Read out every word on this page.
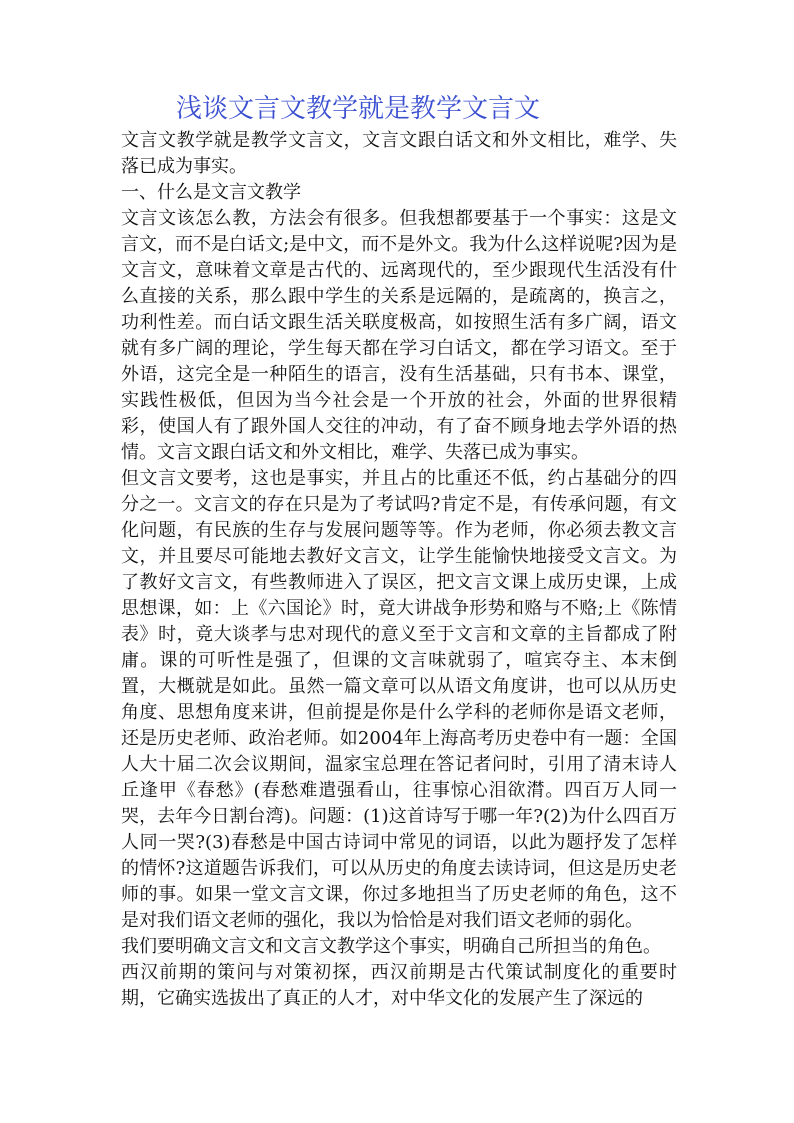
浅谈文言文教学就是教学文言文

文言文教学就是教学文言文，文言文跟白话文和外文相比，难学、失落已成为事实。

一、什么是文言文教学

文言文该怎么教，方法会有很多。但我想都要基于一个事实：这是文言文，而不是白话文;是中文，而不是外文。我为什么这样说呢?因为是文言文，意味着文章是古代的、远离现代的，至少跟现代生活没有什么直接的关系，那么跟中学生的关系是远隔的，是疏离的，换言之，功利性差。而白话文跟生活关联度极高，如按照生活有多广阔，语文就有多广阔的理论，学生每天都在学习白话文，都在学习语文。至于外语，这完全是一种陌生的语言，没有生活基础，只有书本、课堂，实践性极低，但因为当今社会是一个开放的社会，外面的世界很精彩，使国人有了跟外国人交往的冲动，有了奋不顾身地去学外语的热情。文言文跟白话文和外文相比，难学、失落已成为事实。

但文言文要考，这也是事实，并且占的比重还不低，约占基础分的四分之一。文言文的存在只是为了考试吗?肯定不是，有传承问题，有文化问题，有民族的生存与发展问题等等。作为老师，你必须去教文言文，并且要尽可能地去教好文言文，让学生能愉快地接受文言文。为了教好文言文，有些教师进入了误区，把文言文课上成历史课，上成思想课，如：上《六国论》时，竟大讲战争形势和赂与不赂;上《陈情表》时，竟大谈孝与忠对现代的意义至于文言和文章的主旨都成了附庸。课的可听性是强了，但课的文言味就弱了，喧宾夺主、本末倒置，大概就是如此。虽然一篇文章可以从语文角度讲，也可以从历史角度、思想角度来讲，但前提是你是什么学科的老师你是语文老师，还是历史老师、政治老师。如2004年上海高考历史卷中有一题：全国人大十届二次会议期间，温家宝总理在答记者问时，引用了清末诗人丘逢甲《春愁》(春愁难遣强看山，往事惊心泪欲潸。四百万人同一哭，去年今日割台湾)。问题：(1)这首诗写于哪一年?(2)为什么四百万人同一哭?(3)春愁是中国古诗词中常见的词语，以此为题抒发了怎样的情怀?这道题告诉我们，可以从历史的角度去读诗词，但这是历史老师的事。如果一堂文言文课，你过多地担当了历史老师的角色，这不是对我们语文老师的强化，我以为恰恰是对我们语文老师的弱化。

我们要明确文言文和文言文教学这个事实，明确自己所担当的角色。

西汉前期的策问与对策初探，西汉前期是古代策试制度化的重要时期，它确实选拔出了真正的人才，对中华文化的发展产生了深远的
